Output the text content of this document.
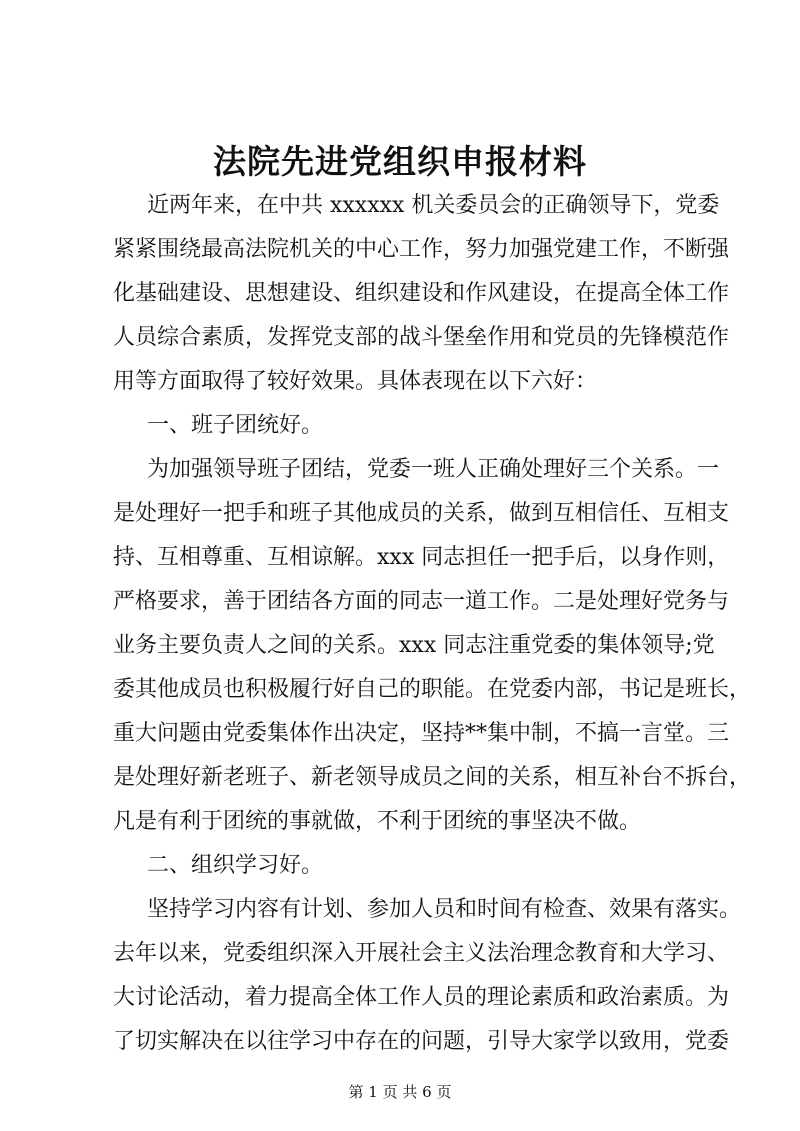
法院先进党组织申报材料
近两年来，在中共 xxxxxx 机关委员会的正确领导下，党委
紧紧围绕最高法院机关的中心工作，努力加强党建工作，不断强
化基础建设、思想建设、组织建设和作风建设，在提高全体工作
人员综合素质，发挥党支部的战斗堡垒作用和党员的先锋模范作
用等方面取得了较好效果。具体表现在以下六好：
一、班子团统好。
为加强领导班子团结，党委一班人正确处理好三个关系。一
是处理好一把手和班子其他成员的关系，做到互相信任、互相支
持、互相尊重、互相谅解。xxx 同志担任一把手后，以身作则，
严格要求，善于团结各方面的同志一道工作。二是处理好党务与
业务主要负责人之间的关系。xxx 同志注重党委的集体领导;党
委其他成员也积极履行好自己的职能。在党委内部，书记是班长，
重大问题由党委集体作出决定，坚持**集中制，不搞一言堂。三
是处理好新老班子、新老领导成员之间的关系，相互补台不拆台，
凡是有利于团统的事就做，不利于团统的事坚决不做。
二、组织学习好。
坚持学习内容有计划、参加人员和时间有检查、效果有落实。
去年以来，党委组织深入开展社会主义法治理念教育和大学习、
大讨论活动，着力提高全体工作人员的理论素质和政治素质。为
了切实解决在以往学习中存在的问题，引导大家学以致用，党委
第 1 页 共 6 页
